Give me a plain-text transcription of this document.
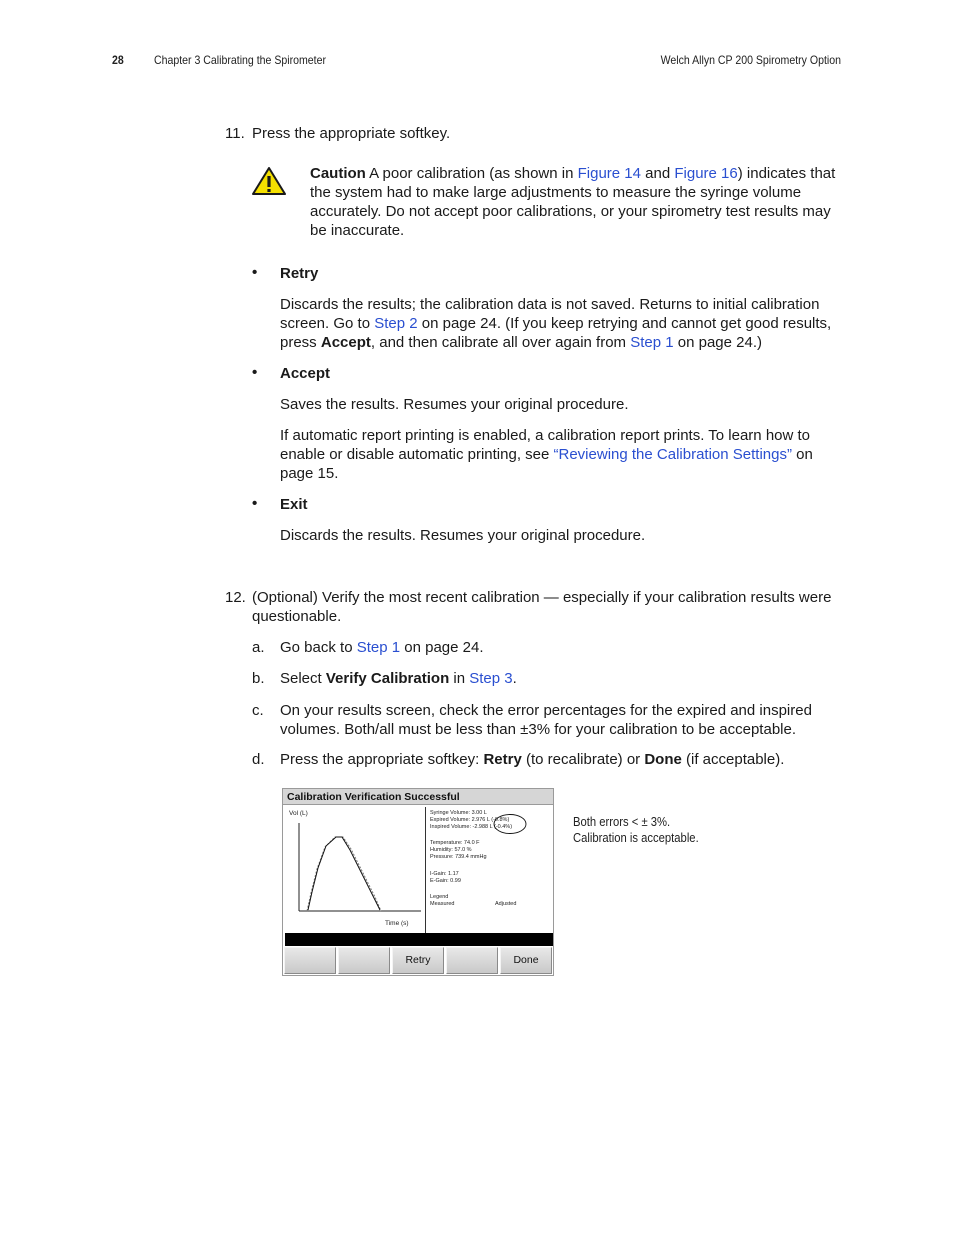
28	Chapter 3 Calibrating the Spirometer	Welch Allyn CP 200 Spirometry Option
11. Press the appropriate softkey.
Caution A poor calibration (as shown in Figure 14 and Figure 16) indicates that the system had to make large adjustments to measure the syringe volume accurately. Do not accept poor calibrations, or your spirometry test results may be inaccurate.
• Retry
Discards the results; the calibration data is not saved. Returns to initial calibration screen. Go to Step 2 on page 24. (If you keep retrying and cannot get good results, press Accept, and then calibrate all over again from Step 1 on page 24.)
• Accept
Saves the results. Resumes your original procedure.
If automatic report printing is enabled, a calibration report prints. To learn how to enable or disable automatic printing, see “Reviewing the Calibration Settings” on page 15.
• Exit
Discards the results. Resumes your original procedure.
12. (Optional) Verify the most recent calibration — especially if your calibration results were questionable.
a. Go back to Step 1 on page 24.
b. Select Verify Calibration in Step 3.
c. On your results screen, check the error percentages for the expired and inspired volumes. Both/all must be less than ±3% for your calibration to be acceptable.
d. Press the appropriate softkey: Retry (to recalibrate) or Done (if acceptable).
Calibration Verification Successful
Vol (L)
Time (s)
Syringe Volume: 3.00 L
Expired Volume: 2.976 L (-0.8%)
Inspired Volume: -2.988 L (-0.4%)
Temperature: 74.0 F
Humidity: 57.0 %
Pressure: 739.4 mmHg
I-Gain: 1.17
E-Gain: 0.99
Legend
Measured	Adjusted
Retry	Done
Both errors < ± 3%.
Calibration is acceptable.
